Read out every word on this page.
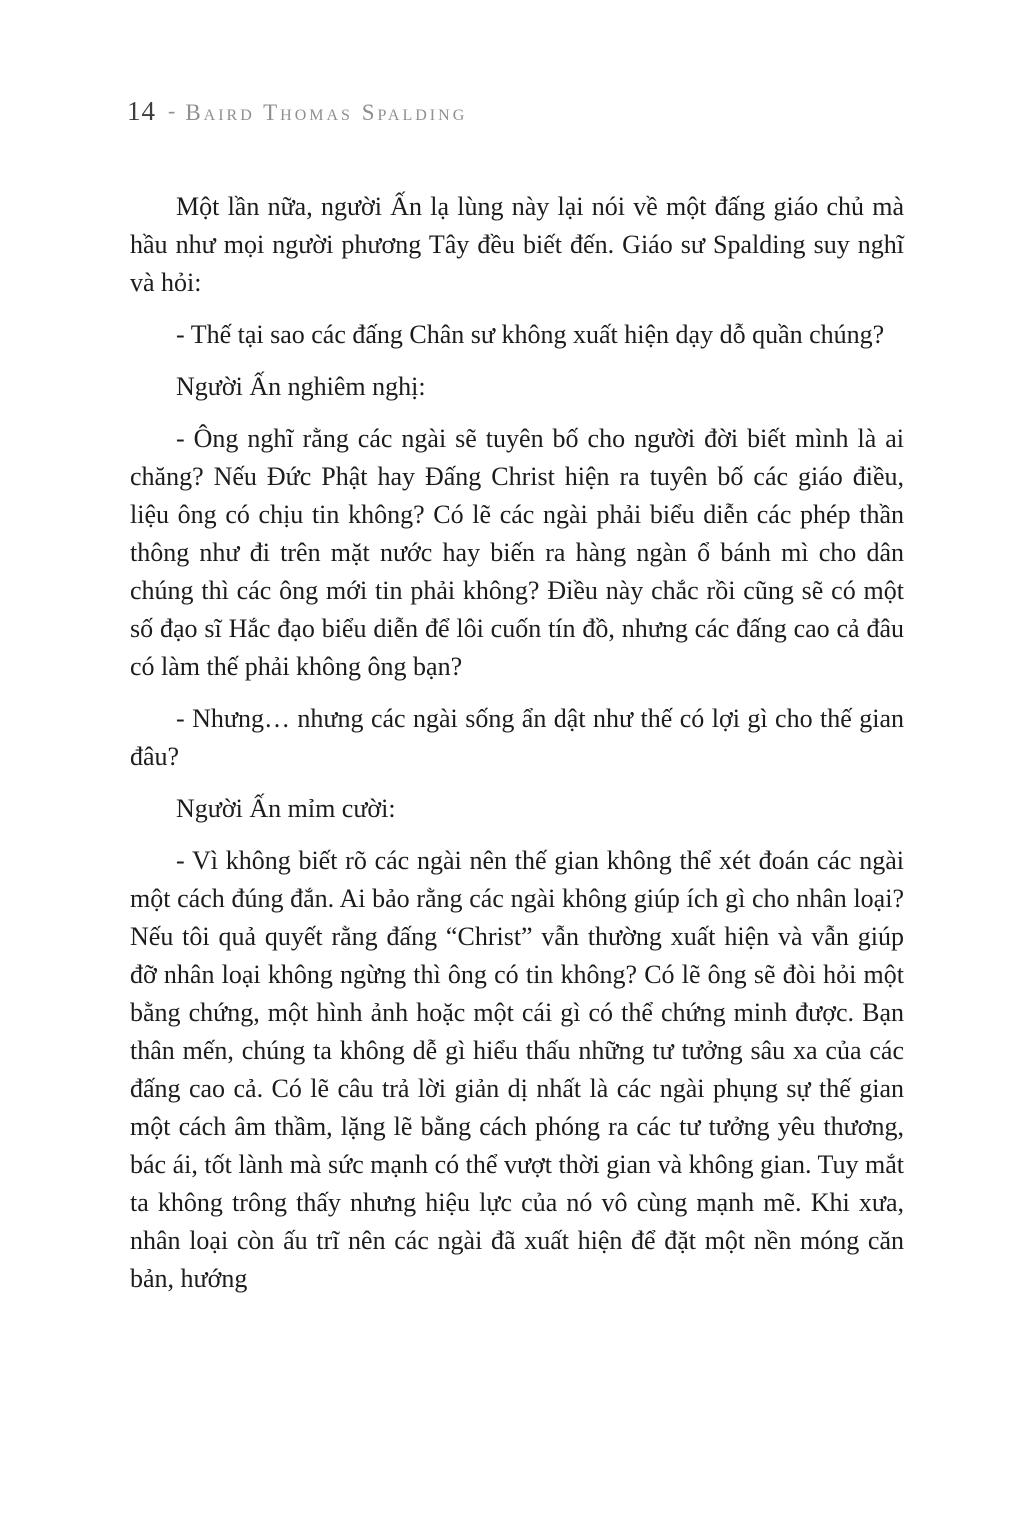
14 - Baird Thomas Spalding

Một lần nữa, người Ấn lạ lùng này lại nói về một đấng giáo chủ mà hầu như mọi người phương Tây đều biết đến. Giáo sư Spalding suy nghĩ và hỏi:

- Thế tại sao các đấng Chân sư không xuất hiện dạy dỗ quần chúng?

Người Ấn nghiêm nghị:

- Ông nghĩ rằng các ngài sẽ tuyên bố cho người đời biết mình là ai chăng? Nếu Đức Phật hay Đấng Christ hiện ra tuyên bố các giáo điều, liệu ông có chịu tin không? Có lẽ các ngài phải biểu diễn các phép thần thông như đi trên mặt nước hay biến ra hàng ngàn ổ bánh mì cho dân chúng thì các ông mới tin phải không? Điều này chắc rồi cũng sẽ có một số đạo sĩ Hắc đạo biểu diễn để lôi cuốn tín đồ, nhưng các đấng cao cả đâu có làm thế phải không ông bạn?

- Nhưng… nhưng các ngài sống ẩn dật như thế có lợi gì cho thế gian đâu?

Người Ấn mỉm cười:

- Vì không biết rõ các ngài nên thế gian không thể xét đoán các ngài một cách đúng đắn. Ai bảo rằng các ngài không giúp ích gì cho nhân loại? Nếu tôi quả quyết rằng đấng “Christ” vẫn thường xuất hiện và vẫn giúp đỡ nhân loại không ngừng thì ông có tin không? Có lẽ ông sẽ đòi hỏi một bằng chứng, một hình ảnh hoặc một cái gì có thể chứng minh được. Bạn thân mến, chúng ta không dễ gì hiểu thấu những tư tưởng sâu xa của các đấng cao cả. Có lẽ câu trả lời giản dị nhất là các ngài phụng sự thế gian một cách âm thầm, lặng lẽ bằng cách phóng ra các tư tưởng yêu thương, bác ái, tốt lành mà sức mạnh có thể vượt thời gian và không gian. Tuy mắt ta không trông thấy nhưng hiệu lực của nó vô cùng mạnh mẽ. Khi xưa, nhân loại còn ấu trĩ nên các ngài đã xuất hiện để đặt một nền móng căn bản, hướng
